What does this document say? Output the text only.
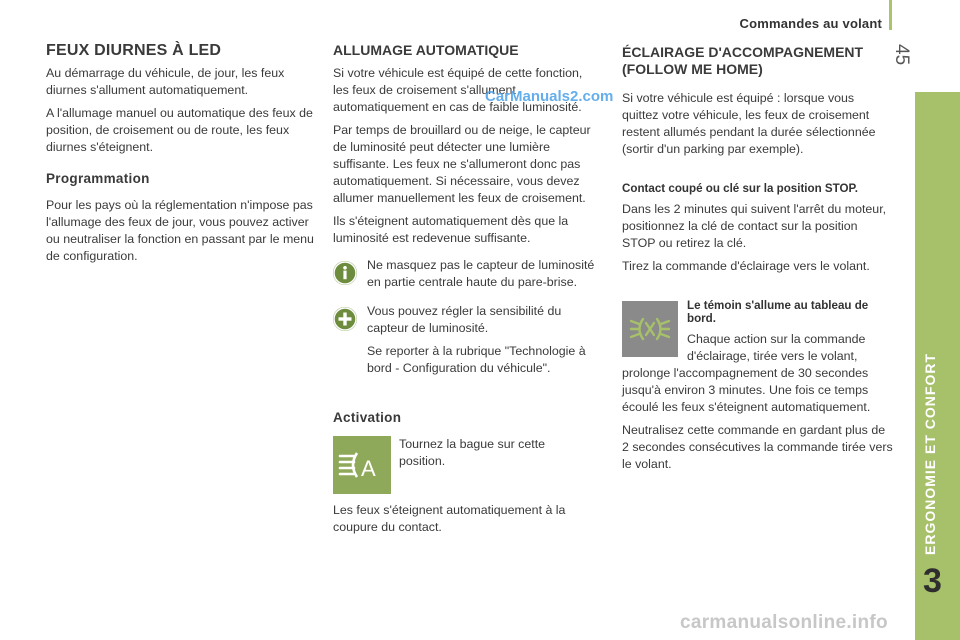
Commandes au volant
45
ERGONOMIE ET CONFORT
3
FEUX DIURNES À LED

Au démarrage du véhicule, de jour, les feux diurnes s'allument automatiquement.

A l'allumage manuel ou automatique des feux de position, de croisement ou de route, les feux diurnes s'éteignent.

Programmation

Pour les pays où la réglementation n'impose pas l'allumage des feux de jour, vous pouvez activer ou neutraliser la fonction en passant par le menu de configuration.

ALLUMAGE AUTOMATIQUE

Si votre véhicule est équipé de cette fonction, les feux de croisement s'allument automatiquement en cas de faible luminosité.

Par temps de brouillard ou de neige, le capteur de luminosité peut détecter une lumière suffisante. Les feux ne s'allumeront donc pas automatiquement. Si nécessaire, vous devez allumer manuellement les feux de croisement.

Ils s'éteignent automatiquement dès que la luminosité est redevenue suffisante.

Ne masquez pas le capteur de luminosité en partie centrale haute du pare-brise.

Vous pouvez régler la sensibilité du capteur de luminosité.

Se reporter à la rubrique "Technologie à bord - Configuration du véhicule".

Activation
A

Tournez la bague sur cette position.

Les feux s'éteignent automatiquement à la coupure du contact.

ÉCLAIRAGE D'ACCOMPAGNEMENT (FOLLOW ME HOME)

Si votre véhicule est équipé : lorsque vous quittez votre véhicule, les feux de croisement restent allumés pendant la durée sélectionnée (sortir d'un parking par exemple).

Contact coupé ou clé sur la position STOP.

Dans les 2 minutes qui suivent l'arrêt du moteur, positionnez la clé de contact sur la position STOP ou retirez la clé.

Tirez la commande d'éclairage vers le volant.

Le témoin s'allume au tableau de bord.

Chaque action sur la commande d'éclairage, tirée vers le volant, prolonge l'accompagnement de 30 secondes jusqu'à environ 3 minutes. Une fois ce temps écoulé les feux s'éteignent automatiquement.

Neutralisez cette commande en gardant plus de 2 secondes consécutives la commande tirée vers le volant.

CarManuals2.com
carmanualsonline.info
